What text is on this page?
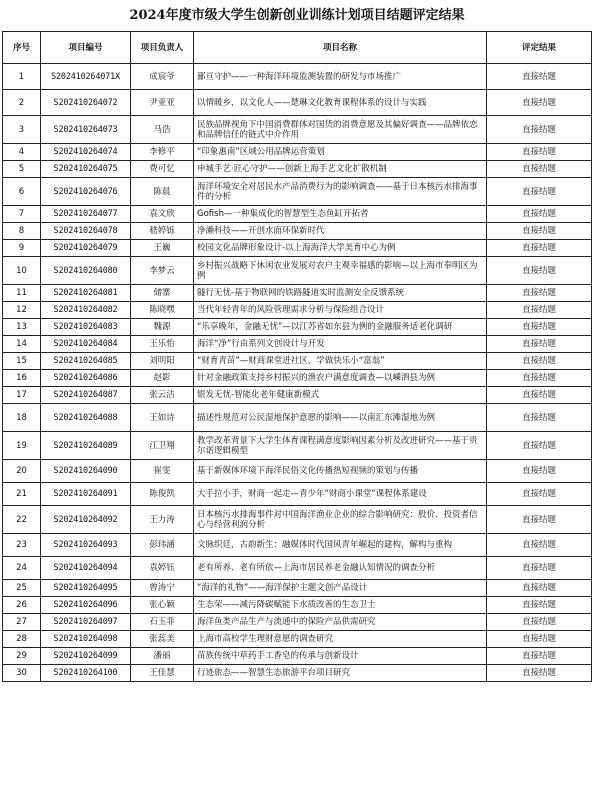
2024年度市级大学生创新创业训练计划项目结题评定结果
序号	项目编号	项目负责人	项目名称	评定结果
1	S202410264071X	成宸爷	鄙亘守护——一种海洋环境监测装置的研发与市场推广	直接结题
2	S202410264072	尹亚亚	以情暖乡，以文化人——楚琳文化教育课程体系的设计与实践	直接结题
3	S202410264073	马浩	民族品牌视角下中国消费群体对国货的消费意愿及其偏好调查——品牌依恋和品牌信任的链式中介作用	直接结题
4	S202410264074	李修平	“印象惠南”区域公用品牌运营策划	直接结题
5	S202410264075	费可忆	申城手艺·匠心守护——创新上海手艺文化扩散机制	直接结题
6	S202410264076	陈晨	海洋环境安全对居民水产品消费行为的影响调查——基于日本核污水排海事件的分析	直接结题
7	S202410264077	袁文欣	Gofish—一种集成化的智慧型生态鱼缸开拓者	直接结题
8	S202410264078	嵇婷铄	净濑科技——开创水面环保新时代	直接结题
9	S202410264079	王巍	校园文化品牌形象设计-以上海海洋大学美育中心为例	直接结题
10	S202410264080	李梦云	乡村振兴战略下休闲农业发展对农户主观幸福感的影响—以上海市奉明区为例	直接结题
11	S202410264081	储寨	隧行无忧-基于物联网的铁路隧道实时监测安全反馈系统	直接结题
12	S202410264082	陈晓嘿	当代年轻青年的风险管理需求分析与保险组合设计	直接结题
13	S202410264083	魏源	“乐享晚年，金融无忧”—以江苏省如东县为例的金融服务适老化调研	直接结题
14	S202410264084	王乐怡	海洋“净”行由系列文创设计与开发	直接结题
15	S202410264085	刘明阳	“财育青苗”—财商课堂进社区，学做快乐小“富翁”	直接结题
16	S202410264086	赵影	针对金融政策支持乡村振兴的渔农户满意度调查—以嵊泗县为例	直接结题
17	S202410264087	张云洁	银发无忧-智能化老年健康新模式	直接结题
18	S202410264088	王如诗	描述性规范对公民湿地保护意愿的影响——以南汇东滩湿地为例	直接结题
19	S202410264089	江卫翔	教学改革背景下大学生体育课程满意度影响因素分析及改进研究——基于贵尔诺逻辑模型	直接结题
20	S202410264090	崔雯	基于新媒体环境下海洋民俗文化传播热短视频的策划与传播	直接结题
21	S202410264091	陈俊凯	大手拉小手，财商一起走—青少年“财商小课堂”课程体系建设	直接结题
22	S202410264092	王力涛	日本核污水排海事件对中国海洋渔业企业的综合影响研究：股价、投资者信心与经营利润分析	直接结题
23	S202410264093	彭玮涵	文脉织廷，古韵新生：融媒体时代国风青年崛起的建构，解构与重构	直接结题
24	S202410264094	袁婷钰	老有所养、老有所依—上海市居民养老金融认知情况的调查分析	直接结题
25	S202410264095	曾涛宁	“海洋的礼物”——海洋保护主题文创产品设计	直接结题
26	S202410264096	张心颖	生态荣——减污降碳赋能下水质改善的生态卫士	直接结题
27	S202410264097	石玉菲	海洋鱼类产品生产与流通中的保险产品供需研究	直接结题
28	S202410264098	张蕊美	上海市高校学生理财意愿的调查研究	直接结题
29	S202410264099	潘丽	苗族传统中草药手工香皂的传承与创新设计	直接结题
30	S202410264100	王佳慧	行迹旅态——智慧生态旅游平台项目研究	直接结题
